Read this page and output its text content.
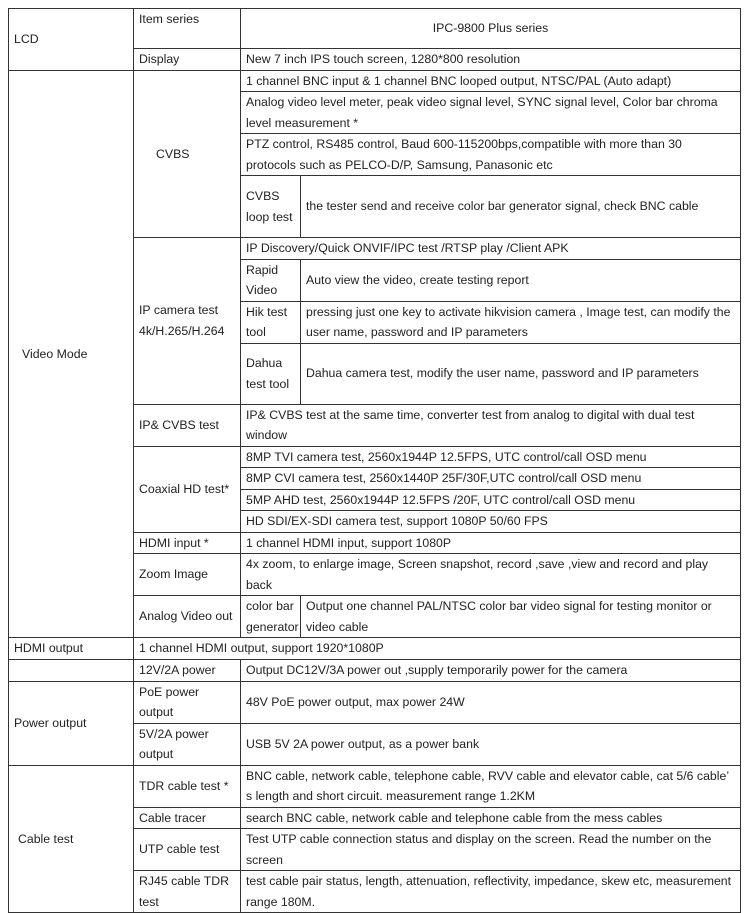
LCD	Item series	IPC-9800 Plus series	
	Display	New 7 inch IPS touch screen, 1280*800 resolution	
Video Mode	CVBS	1 channel BNC input & 1 channel BNC looped output, NTSC/PAL (Auto adapt)	
		Analog video level meter, peak video signal level, SYNC signal level, Color bar chroma level measurement *	
		PTZ control, RS485 control, Baud 600-115200bps,compatible with more than 30 protocols such as PELCO-D/P, Samsung, Panasonic etc	
		CVBS loop test	the tester send and receive color bar generator signal, check BNC cable
	IP camera test 4k/H.265/H.264	IP Discovery/Quick ONVIF/IPC test /RTSP play /Client APK	
		Rapid Video	Auto view the video, create testing report
		Hik test tool	pressing just one key to activate hikvision camera , Image test, can modify the user name, password and IP parameters
		Dahua test tool	Dahua camera test, modify the user name, password and IP parameters
	IP& CVBS test	IP& CVBS test at the same time, converter test from analog to digital with dual test window	
	Coaxial HD test*	8MP TVI camera test, 2560x1944P 12.5FPS, UTC control/call OSD menu	
		8MP CVI camera test, 2560x1440P 25F/30F,UTC control/call OSD menu	
		5MP AHD test, 2560x1944P 12.5FPS /20F, UTC control/call OSD menu	
		HD SDI/EX-SDI camera test, support 1080P 50/60 FPS	
	HDMI input *	1 channel HDMI input, support 1080P	
	Zoom Image	4x zoom, to enlarge image, Screen snapshot, record ,save ,view and record and play back	
	Analog Video out	color bar generator	Output one channel PAL/NTSC color bar video signal for testing monitor or video cable
HDMI output	1 channel HDMI output, support 1920*1080P		
	12V/2A power	Output DC12V/3A power out ,supply temporarily power for the camera	
Power output	PoE power output	48V PoE power output, max power 24W	
	5V/2A power output	USB 5V 2A power output, as a power bank	
Cable test	TDR cable test *	BNC cable, network cable, telephone cable, RVV cable and elevator cable, cat 5/6 cable’ s length and short circuit. measurement range 1.2KM	
	Cable tracer	search BNC cable, network cable and telephone cable from the mess cables	
	UTP cable test	Test UTP cable connection status and display on the screen. Read the number on the screen	
	RJ45 cable TDR test	test cable pair status, length, attenuation, reflectivity, impedance, skew etc, measurement range 180M.	
